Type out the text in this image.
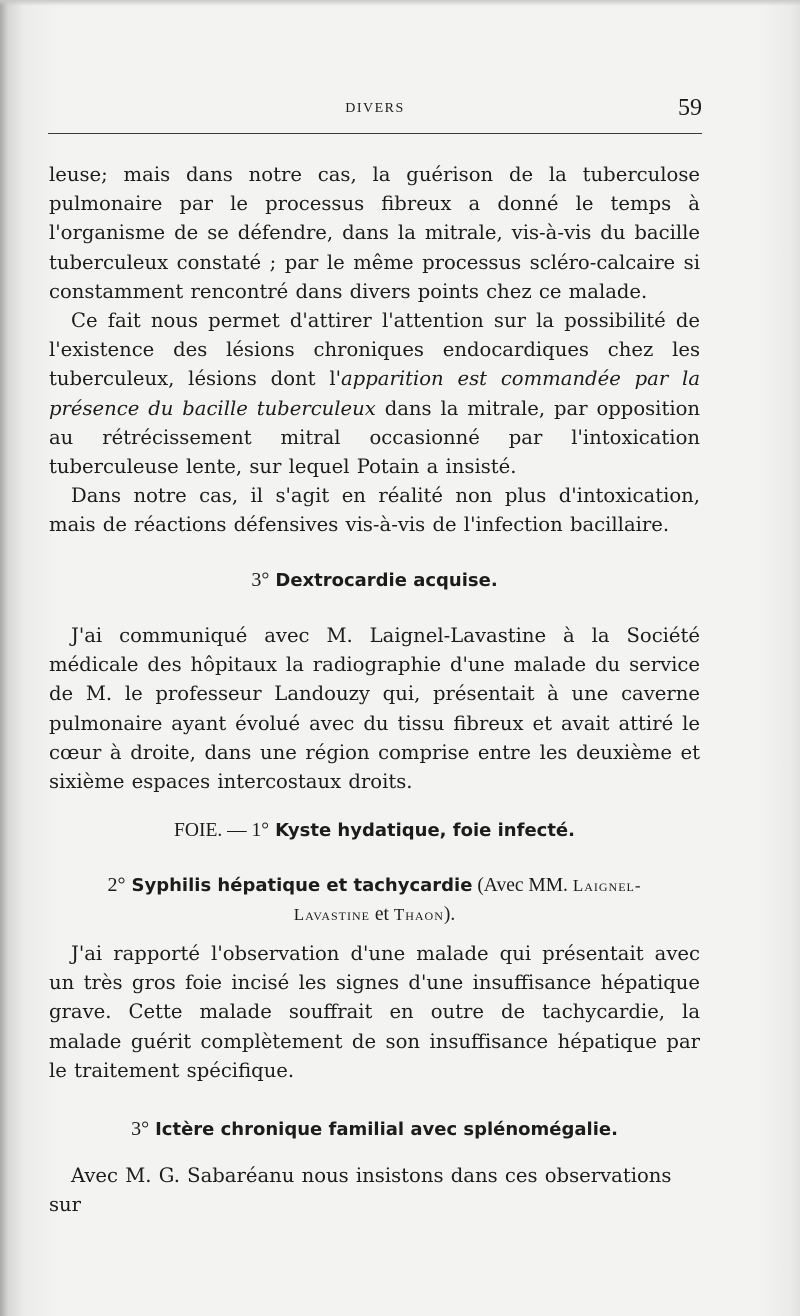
DIVERS	59

leuse; mais dans notre cas, la guérison de la tuberculose pulmonaire par le processus fibreux a donné le temps à l'organisme de se défendre, dans la mitrale, vis-à-vis du bacille tuberculeux constaté ; par le même processus scléro-calcaire si constamment rencontré dans divers points chez ce malade.

Ce fait nous permet d'attirer l'attention sur la possibilité de l'existence des lésions chroniques endocardiques chez les tuberculeux, lésions dont l'apparition est commandée par la présence du bacille tuberculeux dans la mitrale, par opposition au rétrécissement mitral occasionné par l'intoxication tuberculeuse lente, sur lequel Potain a insisté.

Dans notre cas, il s'agit en réalité non plus d'intoxication, mais de réactions défensives vis-à-vis de l'infection bacillaire.

3° Dextrocardie acquise.

J'ai communiqué avec M. Laignel-Lavastine à la Société médicale des hôpitaux la radiographie d'une malade du service de M. le professeur Landouzy qui, présentait à une caverne pulmonaire ayant évolué avec du tissu fibreux et avait attiré le cœur à droite, dans une région comprise entre les deuxième et sixième espaces intercostaux droits.

FOIE. — 1° Kyste hydatique, foie infecté.

2° Syphilis hépatique et tachycardie (Avec MM. Laignel-
Lavastine et Thaon).

J'ai rapporté l'observation d'une malade qui présentait avec un très gros foie incisé les signes d'une insuffisance hépatique grave. Cette malade souffrait en outre de tachycardie, la malade guérit complètement de son insuffisance hépatique par le traitement spécifique.

3° Ictère chronique familial avec splénomégalie.

Avec M. G. Sabaréanu nous insistons dans ces observations sur
